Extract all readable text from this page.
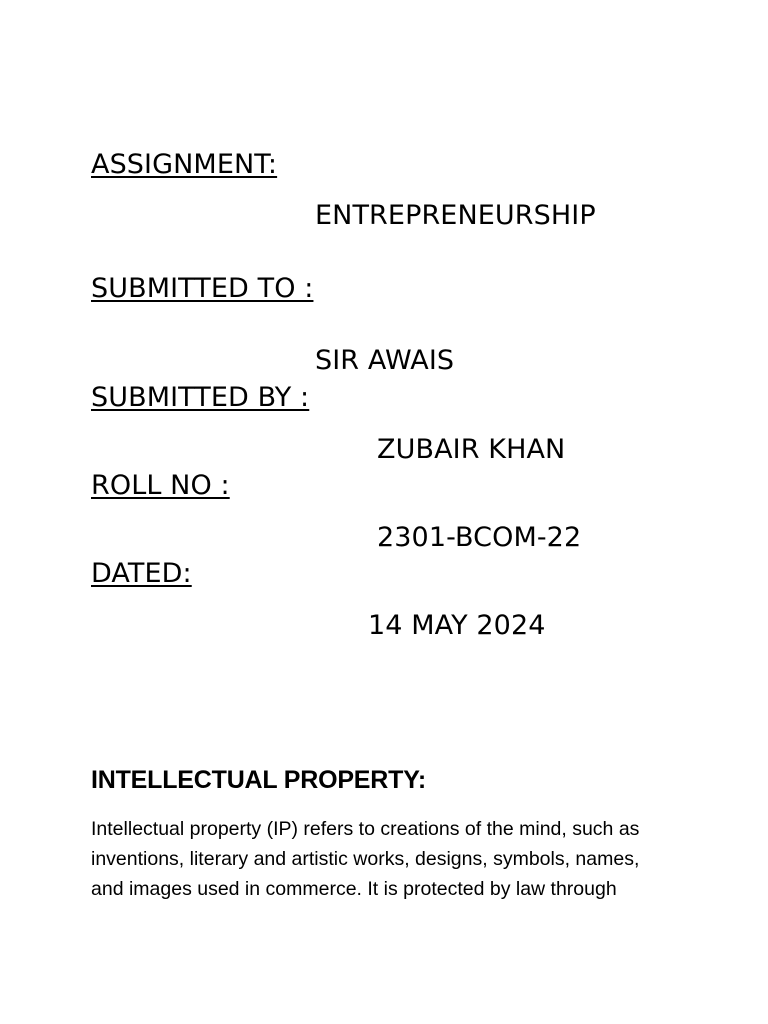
ASSIGNMENT:
ENTREPRENEURSHIP
SUBMITTED TO :
SIR AWAIS
SUBMITTED BY :
ZUBAIR KHAN
ROLL NO :
2301-BCOM-22
DATED:
14 MAY 2024
INTELLECTUAL PROPERTY:
Intellectual property (IP) refers to creations of the mind, such as
inventions, literary and artistic works, designs, symbols, names,
and images used in commerce. It is protected by law through
